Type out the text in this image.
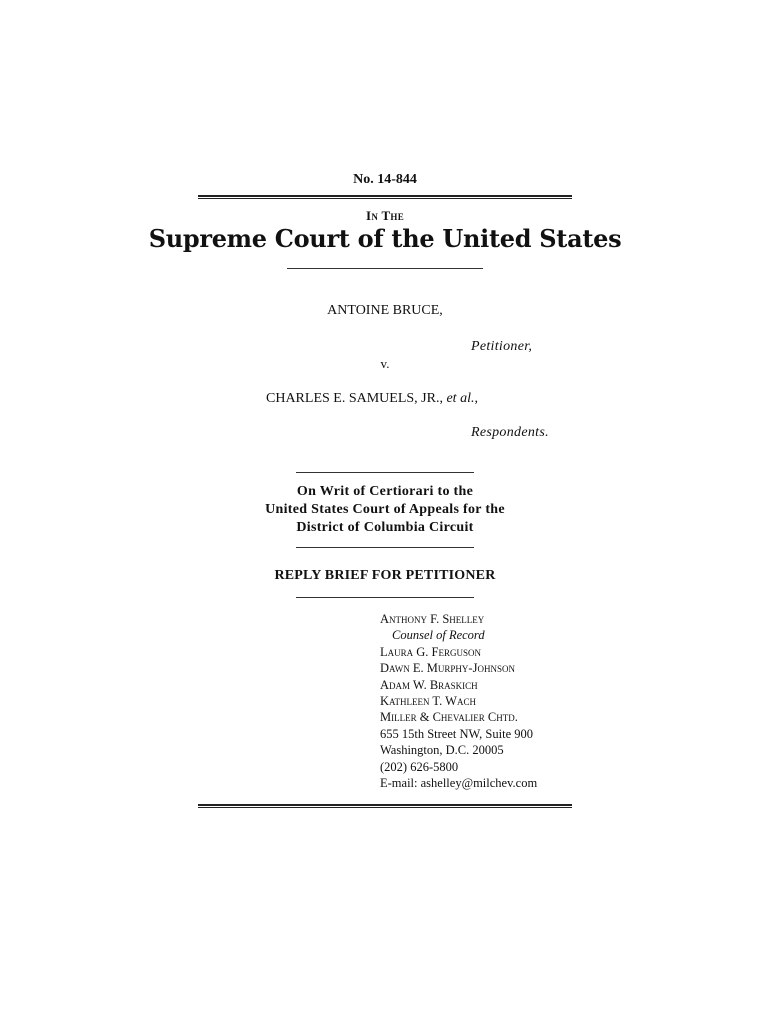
No. 14-844
In The
Supreme Court of the United States
ANTOINE BRUCE,
Petitioner,
v.
CHARLES E. SAMUELS, JR., et al.,
Respondents.
On Writ of Certiorari to the
United States Court of Appeals for the
District of Columbia Circuit
REPLY BRIEF FOR PETITIONER
Anthony F. Shelley
Counsel of Record
Laura G. Ferguson
Dawn E. Murphy-Johnson
Adam W. Braskich
Kathleen T. Wach
Miller & Chevalier Chtd.
655 15th Street NW, Suite 900
Washington, D.C. 20005
(202) 626-5800
E-mail: ashelley@milchev.com
